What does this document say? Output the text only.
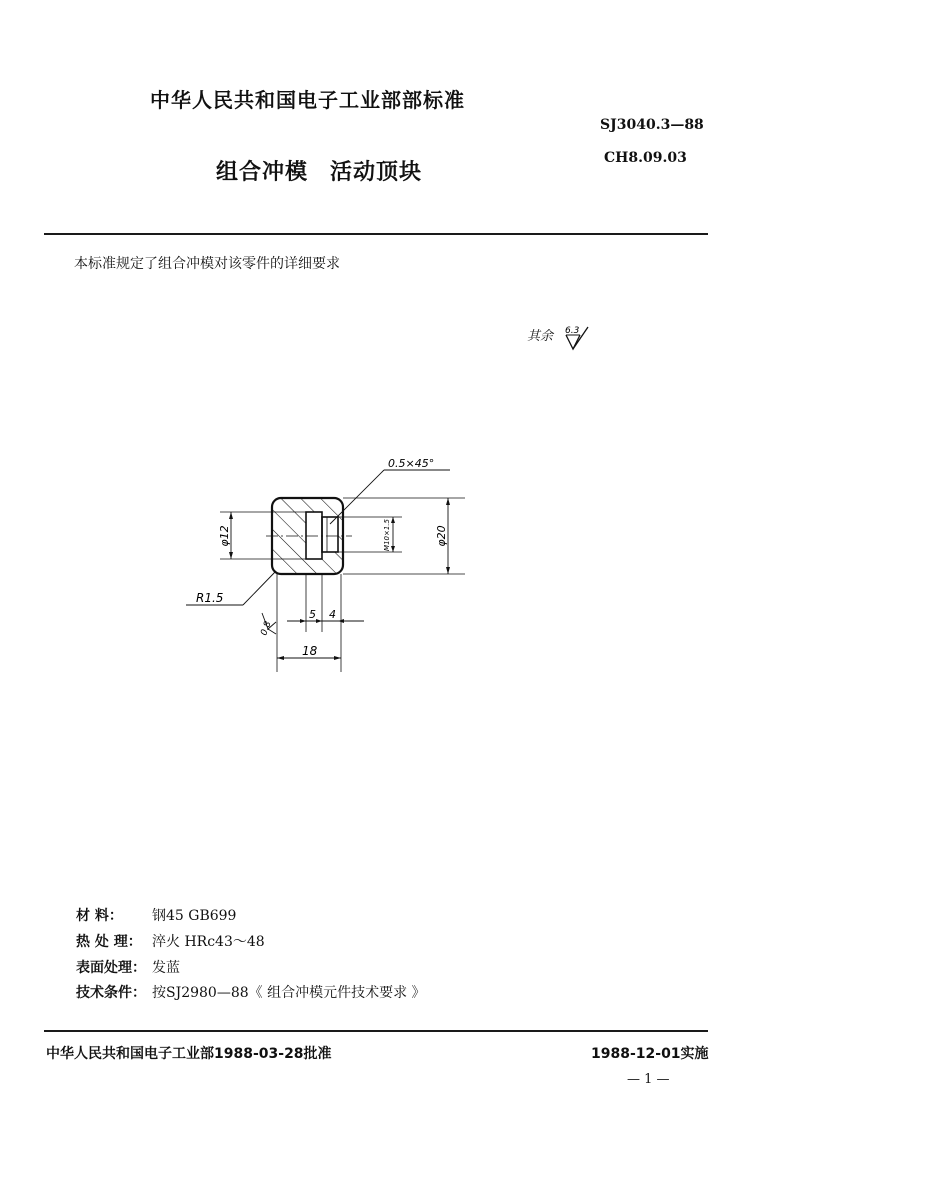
中华人民共和国电子工业部部标准
组合冲模 活动顶块
SJ3040.3—88
CH8.09.03
本标准规定了组合冲模对该零件的详细要求
其余 6.3
φ12	M10×1.5	φ20
0.5×45°
R1.5
5 4
18
0.8
材 料： 钢45 GB699
热 处 理： 淬火 HRc43～48
表面处理： 发蓝
技术条件： 按SJ2980—88《 组合冲模元件技术要求 》
中华人民共和国电子工业部1988-03-28批准	1988-12-01实施
— 1 —
